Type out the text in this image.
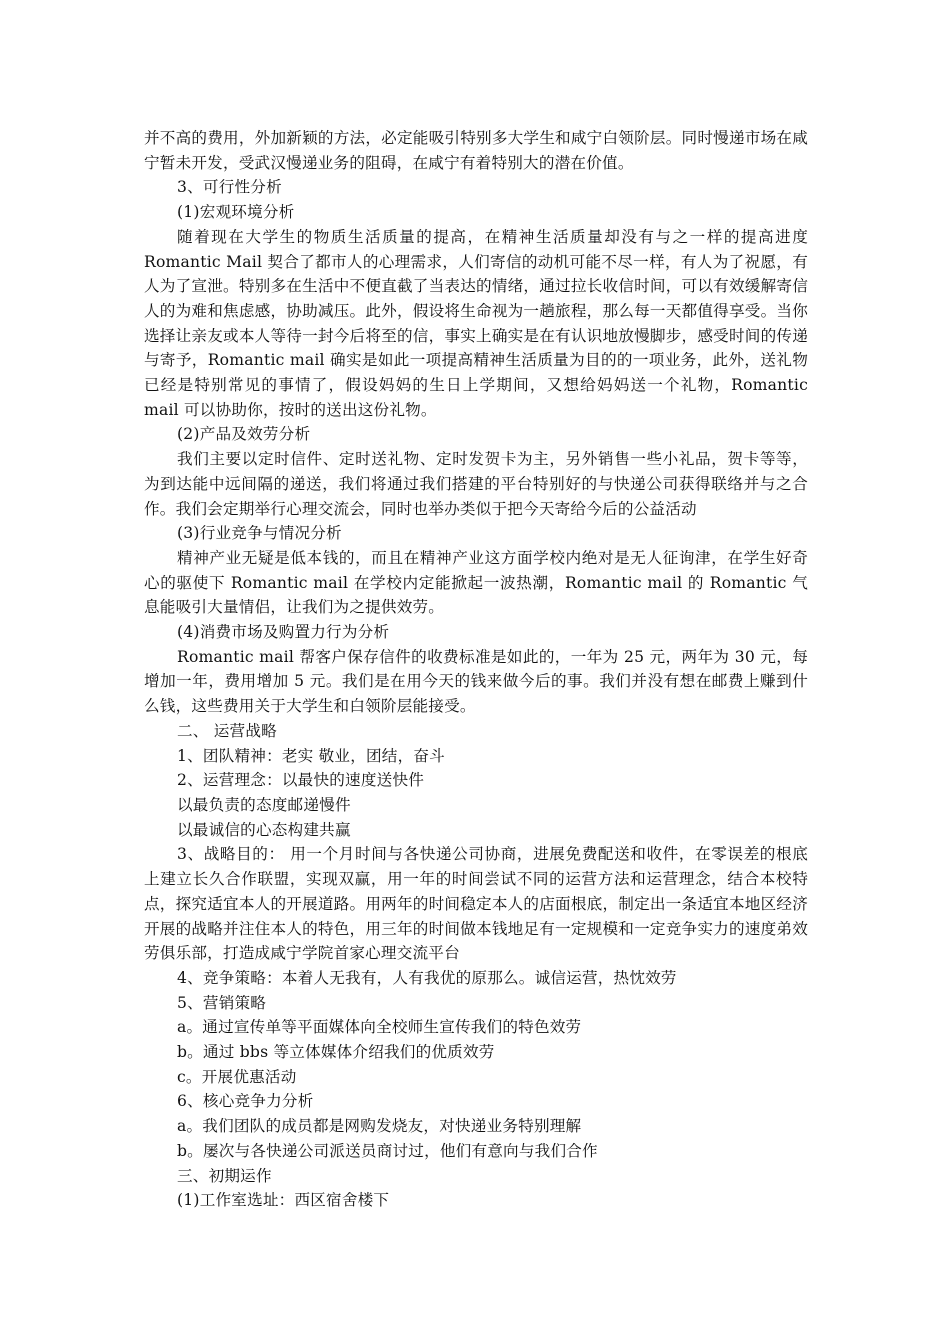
并不高的费用，外加新颖的方法，必定能吸引特别多大学生和咸宁白领阶层。同时慢递市场在咸宁暂未开发，受武汉慢递业务的阻碍，在咸宁有着特别大的潜在价值。

3、可行性分析

(1)宏观环境分析

随着现在大学生的物质生活质量的提高，在精神生活质量却没有与之一样的提高进度 Romantic Mail 契合了都市人的心理需求，人们寄信的动机可能不尽一样，有人为了祝愿，有人为了宣泄。特别多在生活中不便直截了当表达的情绪，通过拉长收信时间，可以有效缓解寄信人的为难和焦虑感，协助减压。此外，假设将生命视为一趟旅程，那么每一天都值得享受。当你选择让亲友或本人等待一封今后将至的信，事实上确实是在有认识地放慢脚步，感受时间的传递与寄予，Romantic mail 确实是如此一项提高精神生活质量为目的的一项业务，此外，送礼物已经是特别常见的事情了，假设妈妈的生日上学期间，又想给妈妈送一个礼物，Romantic mail 可以协助你，按时的送出这份礼物。

(2)产品及效劳分析

我们主要以定时信件、定时送礼物、定时发贺卡为主，另外销售一些小礼品，贺卡等等，为到达能中远间隔的递送，我们将通过我们搭建的平台特别好的与快递公司获得联络并与之合作。我们会定期举行心理交流会，同时也举办类似于把今天寄给今后的公益活动

(3)行业竞争与情况分析

精神产业无疑是低本钱的，而且在精神产业这方面学校内绝对是无人征询津，在学生好奇心的驱使下 Romantic mail 在学校内定能掀起一波热潮，Romantic mail 的 Romantic 气息能吸引大量情侣，让我们为之提供效劳。

(4)消费市场及购置力行为分析

Romantic mail 帮客户保存信件的收费标准是如此的，一年为 25 元，两年为 30 元，每增加一年，费用增加 5 元。我们是在用今天的钱来做今后的事。我们并没有想在邮费上赚到什么钱，这些费用关于大学生和白领阶层能接受。

二、 运营战略

1、团队精神：老实 敬业，团结，奋斗

2、运营理念：以最快的速度送快件

以最负责的态度邮递慢件

以最诚信的心态构建共赢

3、战略目的： 用一个月时间与各快递公司协商，进展免费配送和收件，在零误差的根底上建立长久合作联盟，实现双赢，用一年的时间尝试不同的运营方法和运营理念，结合本校特点，探究适宜本人的开展道路。用两年的时间稳定本人的店面根底，制定出一条适宜本地区经济开展的战略并注住本人的特色，用三年的时间做本钱地足有一定规模和一定竞争实力的速度弟效劳俱乐部，打造成咸宁学院首家心理交流平台

4、竞争策略：本着人无我有，人有我优的原那么。诚信运营，热忱效劳

5、营销策略

a。通过宣传单等平面媒体向全校师生宣传我们的特色效劳

b。通过 bbs 等立体媒体介绍我们的优质效劳

c。开展优惠活动

6、核心竞争力分析

a。我们团队的成员都是网购发烧友，对快递业务特别理解

b。屡次与各快递公司派送员商讨过，他们有意向与我们合作

三、初期运作

(1)工作室选址：西区宿舍楼下
